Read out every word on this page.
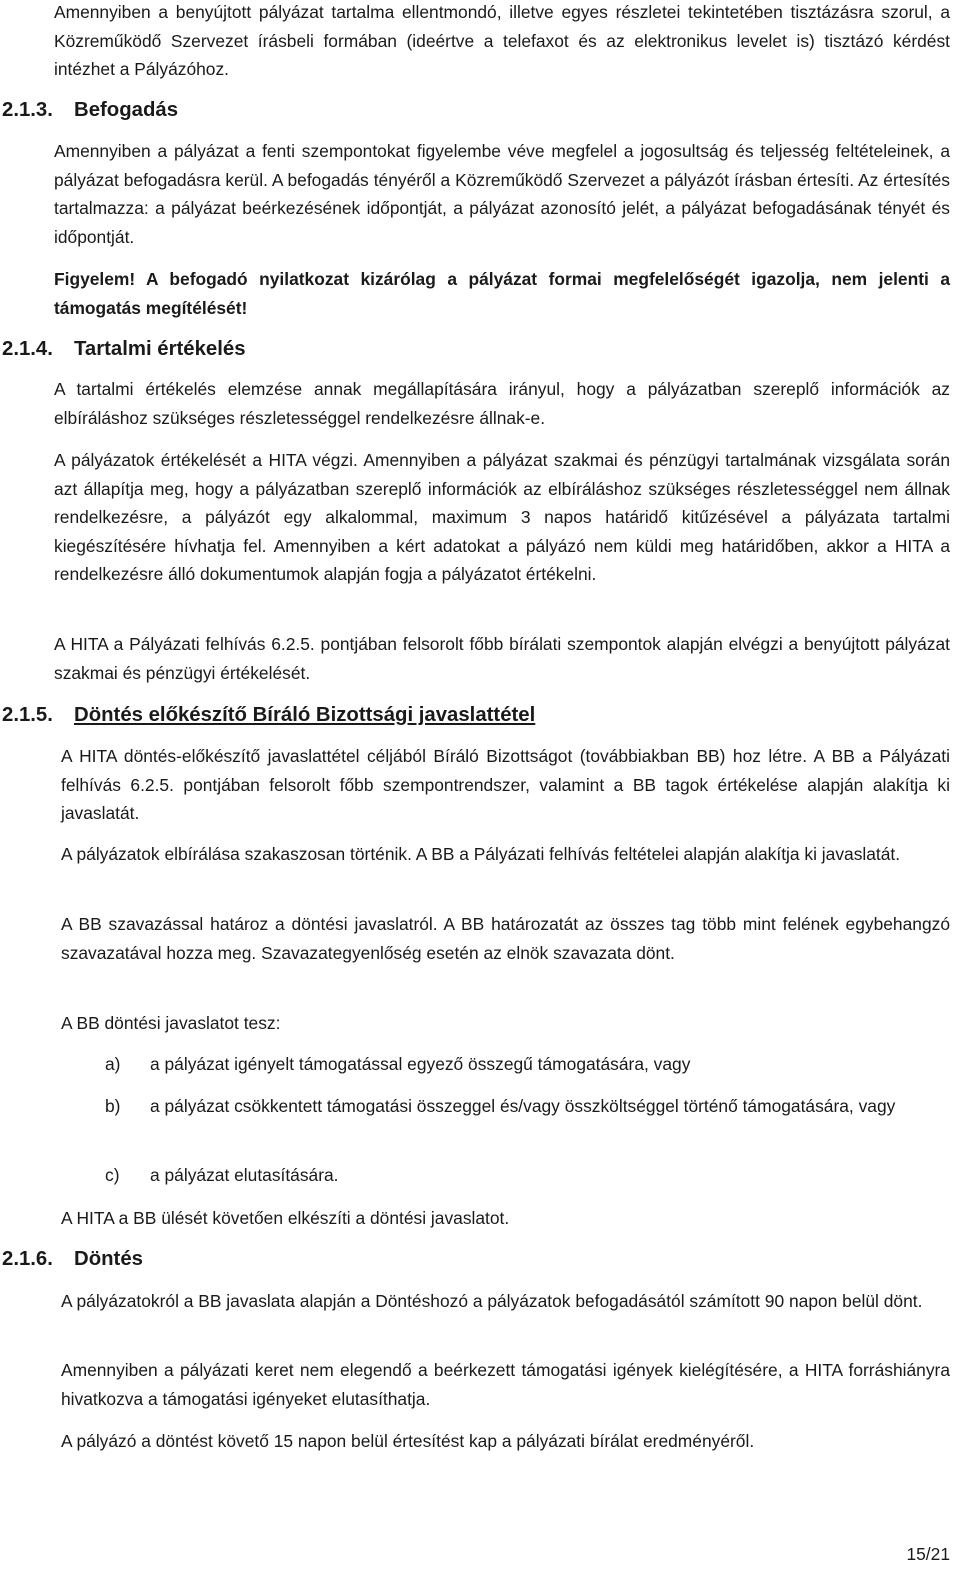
Amennyiben a benyújtott pályázat tartalma ellentmondó, illetve egyes részletei tekintetében tisztázásra szorul, a Közreműködő Szervezet írásbeli formában (ideértve a telefaxot és az elektronikus levelet is) tisztázó kérdést intézhet a Pályázóhoz.

2.1.3. Befogadás

Amennyiben a pályázat a fenti szempontokat figyelembe véve megfelel a jogosultság és teljesség feltételeinek, a pályázat befogadásra kerül. A befogadás tényéről a Közreműködő Szervezet a pályázót írásban értesíti. Az értesítés tartalmazza: a pályázat beérkezésének időpontját, a pályázat azonosító jelét, a pályázat befogadásának tényét és időpontját.

Figyelem! A befogadó nyilatkozat kizárólag a pályázat formai megfelelőségét igazolja, nem jelenti a támogatás megítélését!

2.1.4. Tartalmi értékelés

A tartalmi értékelés elemzése annak megállapítására irányul, hogy a pályázatban szereplő információk az elbíráláshoz szükséges részletességgel rendelkezésre állnak-e.

A pályázatok értékelését a HITA végzi. Amennyiben a pályázat szakmai és pénzügyi tartalmának vizsgálata során azt állapítja meg, hogy a pályázatban szereplő információk az elbíráláshoz szükséges részletességgel nem állnak rendelkezésre, a pályázót egy alkalommal, maximum 3 napos határidő kitűzésével a pályázata tartalmi kiegészítésére hívhatja fel. Amennyiben a kért adatokat a pályázó nem küldi meg határidőben, akkor a HITA a rendelkezésre álló dokumentumok alapján fogja a pályázatot értékelni.

A HITA a Pályázati felhívás 6.2.5. pontjában felsorolt főbb bírálati szempontok alapján elvégzi a benyújtott pályázat szakmai és pénzügyi értékelését.

2.1.5. Döntés előkészítő Bíráló Bizottsági javaslattétel

A HITA döntés-előkészítő javaslattétel céljából Bíráló Bizottságot (továbbiakban BB) hoz létre. A BB a Pályázati felhívás 6.2.5. pontjában felsorolt főbb szempontrendszer, valamint a BB tagok értékelése alapján alakítja ki javaslatát.

A pályázatok elbírálása szakaszosan történik. A BB a Pályázati felhívás feltételei alapján alakítja ki javaslatát.

A BB szavazással határoz a döntési javaslatról. A BB határozatát az összes tag több mint felének egybehangzó szavazatával hozza meg. Szavazategyenlőség esetén az elnök szavazata dönt.

A BB döntési javaslatot tesz:

a) a pályázat igényelt támogatással egyező összegű támogatására, vagy

b) a pályázat csökkentett támogatási összeggel és/vagy összköltséggel történő támogatására, vagy

c) a pályázat elutasítására.

A HITA a BB ülését követően elkészíti a döntési javaslatot.

2.1.6. Döntés

A pályázatokról a BB javaslata alapján a Döntéshozó a pályázatok befogadásától számított 90 napon belül dönt.

Amennyiben a pályázati keret nem elegendő a beérkezett támogatási igények kielégítésére, a HITA forráshiányra hivatkozva a támogatási igényeket elutasíthatja.

A pályázó a döntést követő 15 napon belül értesítést kap a pályázati bírálat eredményéről.

15/21
